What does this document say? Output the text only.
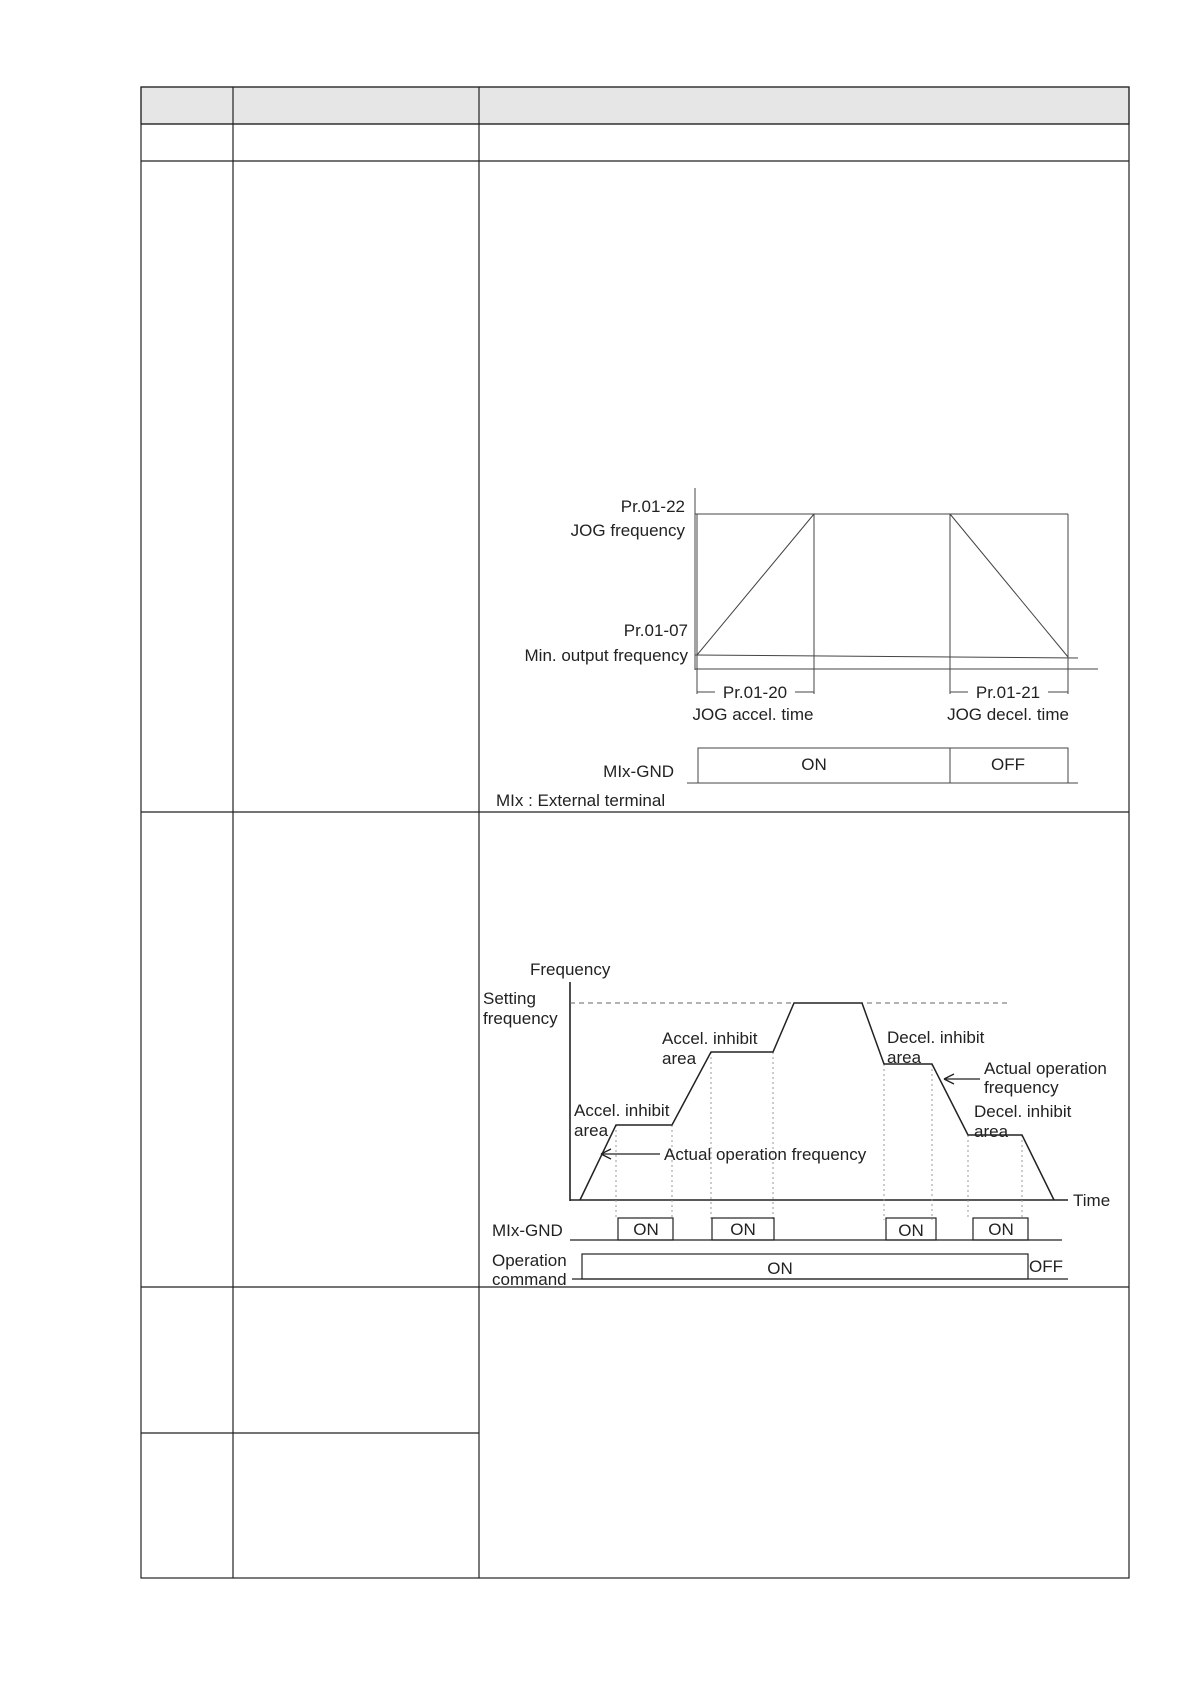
Pr.01-22
JOG frequency
Pr.01-07
Min. output frequency
Pr.01-20
JOG accel. time
Pr.01-21
JOG decel. time
MIx-GND	ON	OFF
MIx : External terminal
Frequency
Setting
frequency
Accel. inhibit
area
Accel. inhibit
area
Decel. inhibit
area
Actual operation
frequency
Decel. inhibit
area
Actual operation frequency
Time
MIx-GND	ON	ON	ON	ON
Operation
command
ON	OFF
